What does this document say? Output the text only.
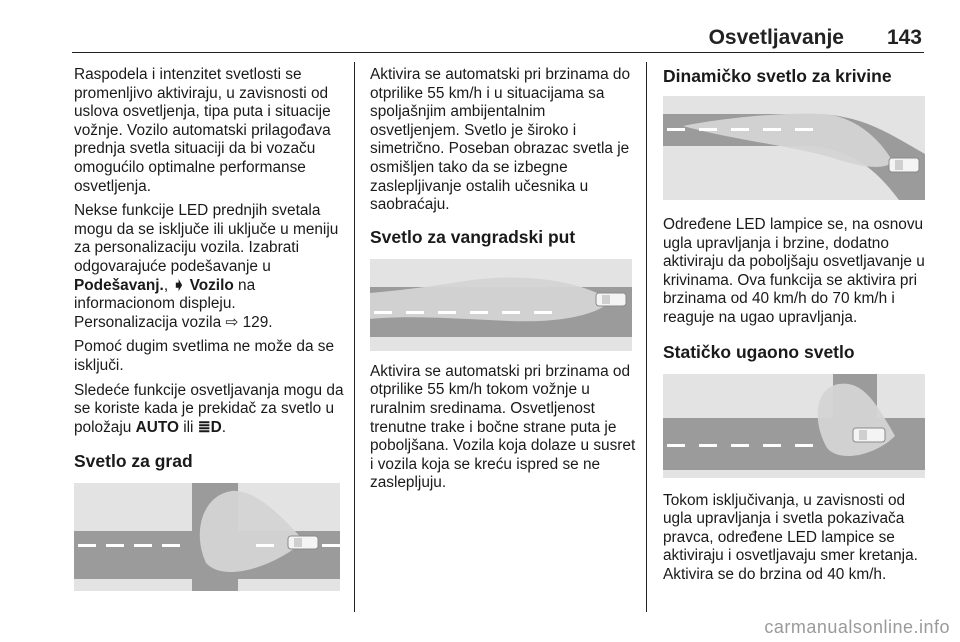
Osvetljavanje 143

Raspodela i intenzitet svetlosti se promenljivo aktiviraju, u zavisnosti od uslova osvetljenja, tipa puta i situacije vožnje. Vozilo automatski prilagođava prednja svetla situaciji da bi vozaču omogućilo optimalne performanse osvetljenja.

Nekse funkcije LED prednjih svetala mogu da se isključe ili uključe u meniju za personalizaciju vozila. Izabrati odgovarajuće podešavanje u Podešavanj., ➧ Vozilo na informacionom displeju.
Personalizacija vozila ⇨ 129.

Pomoć dugim svetlima ne može da se isključi.

Sledeće funkcije osvetljavanja mogu da se koriste kada je prekidač za svetlo u položaju AUTO ili ≣D.

Svetlo za grad

Aktivira se automatski pri brzinama do otprilike 55 km/h i u situacijama sa spoljašnjim ambijentalnim osvetljenjem. Svetlo je široko i simetrično. Poseban obrazac svetla je osmišljen tako da se izbegne zaslepljivanje ostalih učesnika u saobraćaju.

Svetlo za vangradski put

Aktivira se automatski pri brzinama od otprilike 55 km/h tokom vožnje u ruralnim sredinama. Osvetljenost trenutne trake i bočne strane puta je poboljšana. Vozila koja dolaze u susret i vozila koja se kreću ispred se ne zaslepljuju.

Dinamičko svetlo za krivine

Određene LED lampice se, na osnovu ugla upravljanja i brzine, dodatno aktiviraju da poboljšaju osvetljavanje u krivinama. Ova funkcija se aktivira pri brzinama od 40 km/h do 70 km/h i reaguje na ugao upravljanja.

Statičko ugaono svetlo

Tokom isključivanja, u zavisnosti od ugla upravljanja i svetla pokazivača pravca, određene LED lampice se aktiviraju i osvetljavaju smer kretanja. Aktivira se do brzina od 40 km/h.

carmanualsonline.info
